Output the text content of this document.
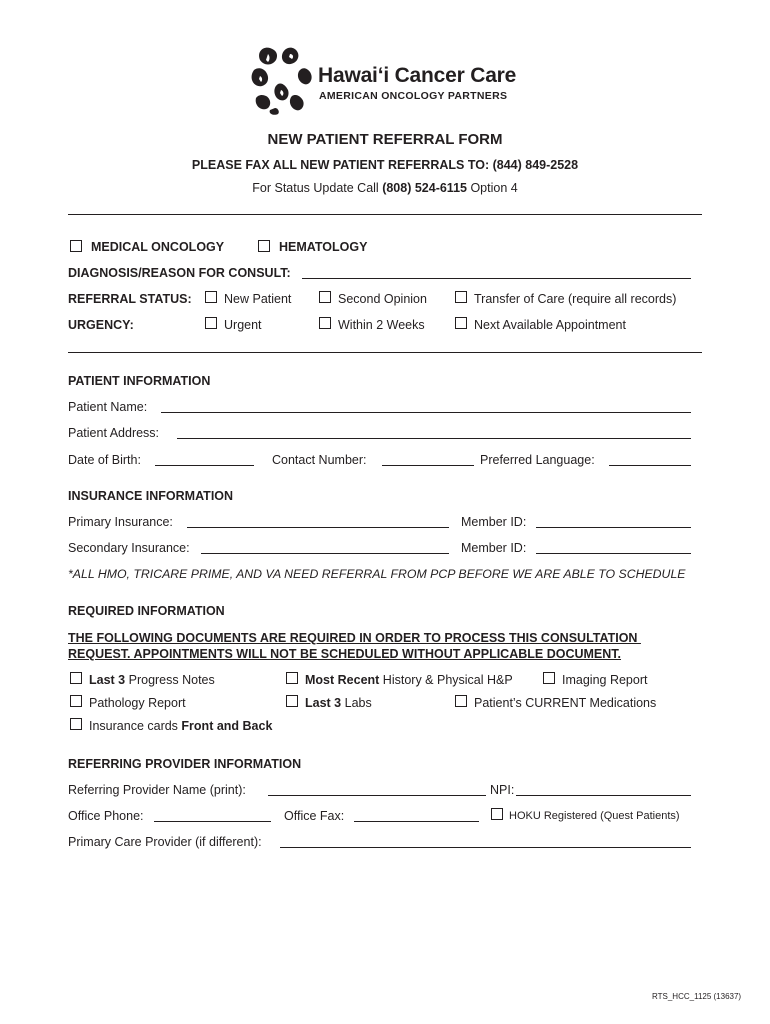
Hawai‘i Cancer Care
AMERICAN ONCOLOGY PARTNERS
NEW PATIENT REFERRAL FORM
PLEASE FAX ALL NEW PATIENT REFERRALS TO: (844) 849-2528
For Status Update Call (808) 524-6115 Option 4
MEDICAL ONCOLOGY	HEMATOLOGY
DIAGNOSIS/REASON FOR CONSULT:
REFERRAL STATUS:	New Patient	Second Opinion	Transfer of Care (require all records)
URGENCY:	Urgent	Within 2 Weeks	Next Available Appointment
PATIENT INFORMATION
Patient Name:
Patient Address:
Date of Birth:	Contact Number:	Preferred Language:
INSURANCE INFORMATION
Primary Insurance:	Member ID:
Secondary Insurance:	Member ID:
*ALL HMO, TRICARE PRIME, AND VA NEED REFERRAL FROM PCP BEFORE WE ARE ABLE TO SCHEDULE
REQUIRED INFORMATION
THE FOLLOWING DOCUMENTS ARE REQUIRED IN ORDER TO PROCESS THIS CONSULTATION
REQUEST. APPOINTMENTS WILL NOT BE SCHEDULED WITHOUT APPLICABLE DOCUMENT.
Last 3 Progress Notes	Most Recent History & Physical H&P	Imaging Report
Pathology Report	Last 3 Labs	Patient’s CURRENT Medications
Insurance cards Front and Back
REFERRING PROVIDER INFORMATION
Referring Provider Name (print):	NPI:
Office Phone:	Office Fax:	HOKU Registered (Quest Patients)
Primary Care Provider (if different):
RTS_HCC_1125 (13637)
